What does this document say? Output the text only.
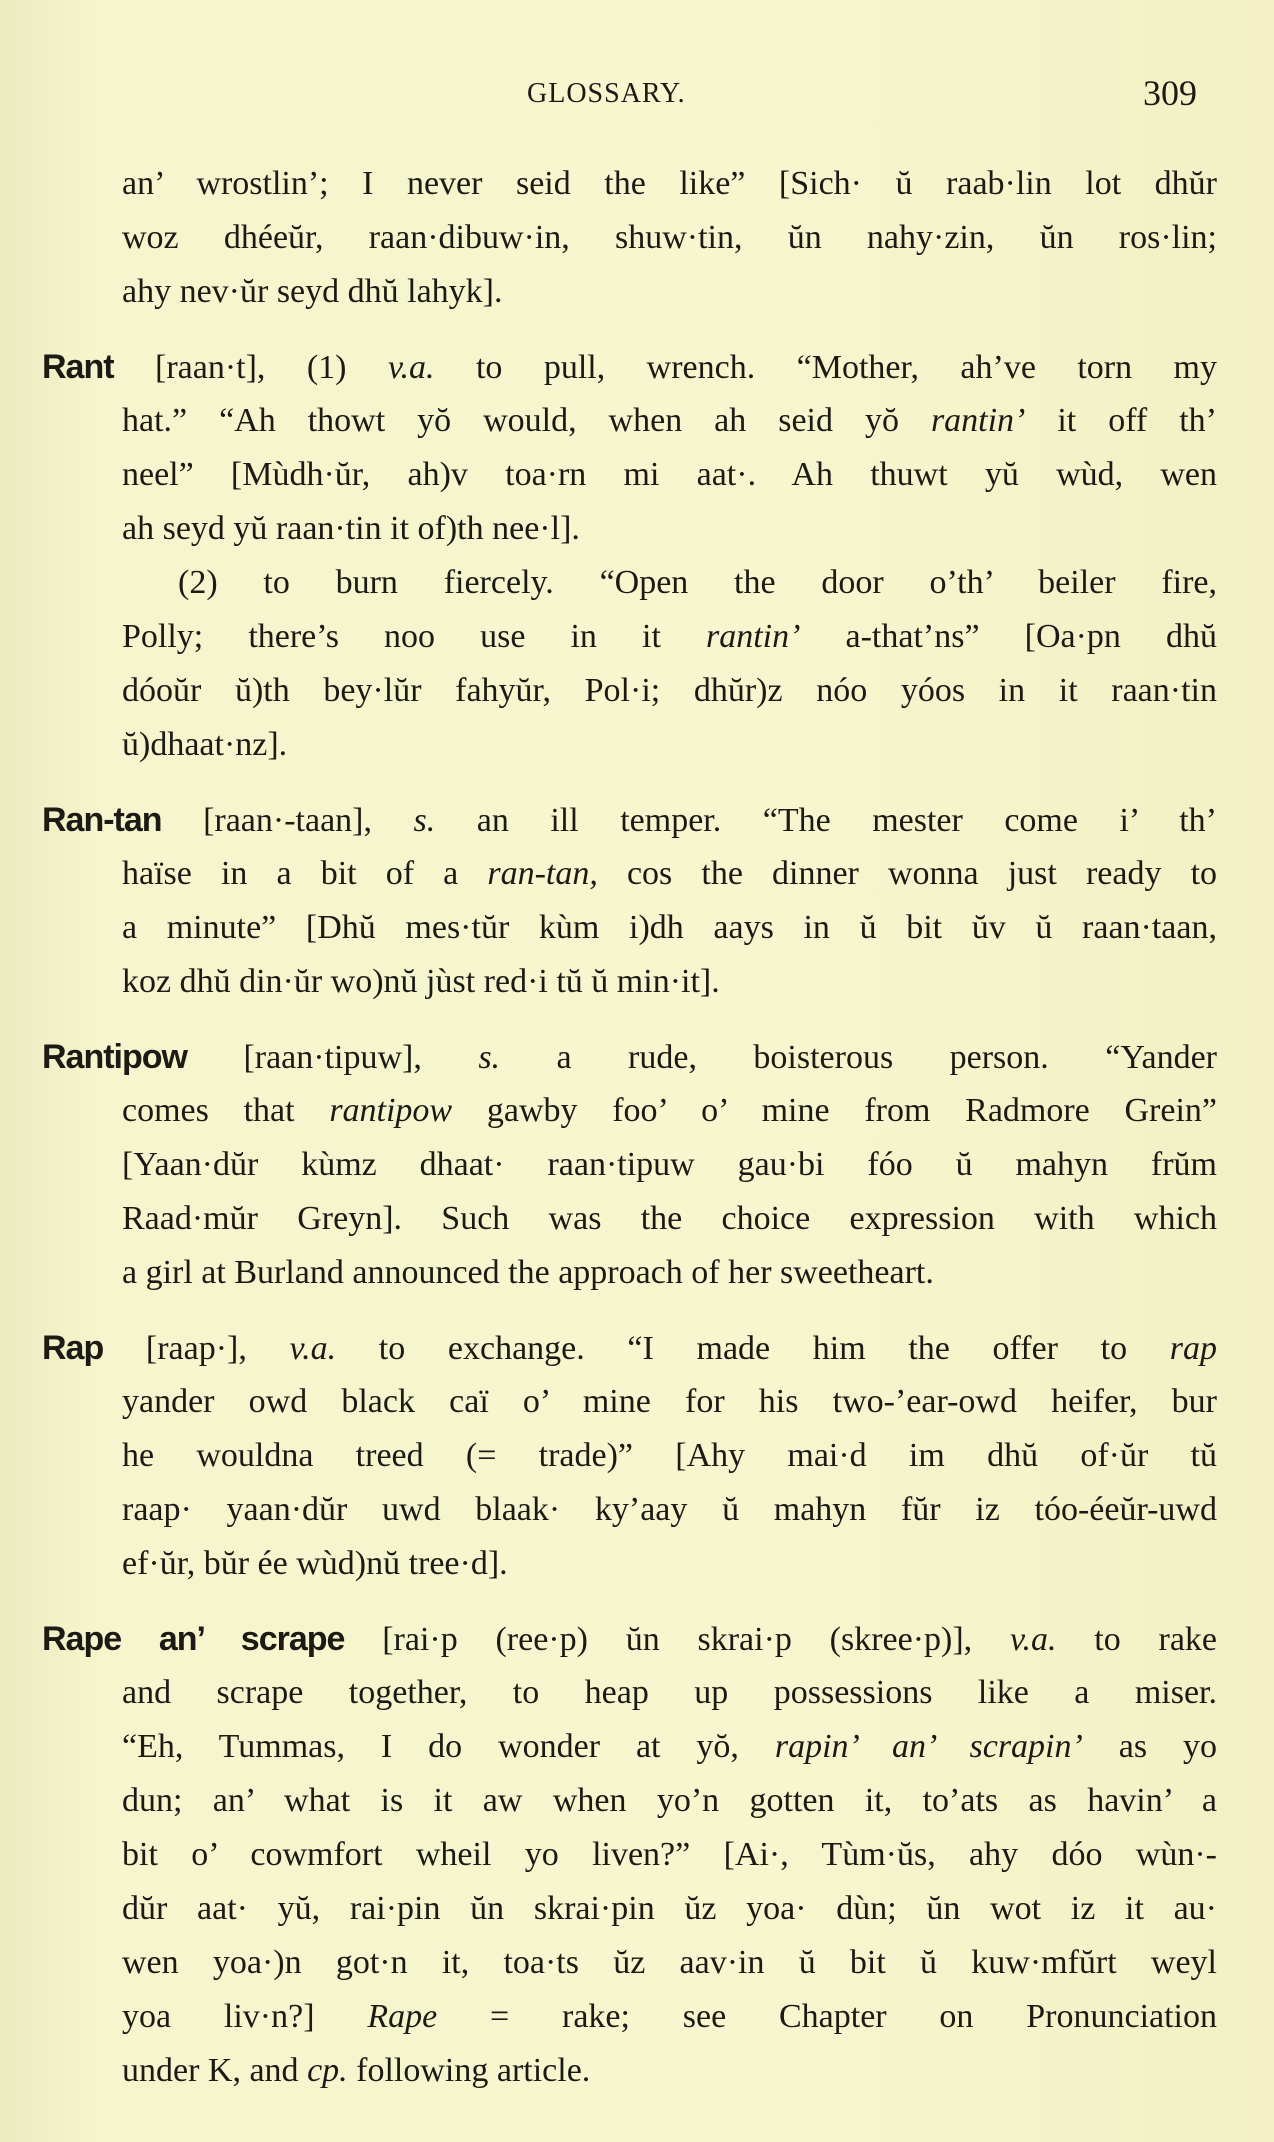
GLOSSARY.	309
an’ wrostlin’; I never seid the like” [Sich· ŭ raab·lin lot dhŭr
woz dhéeŭr, raan·dibuw·in, shuw·tin, ŭn nahy·zin, ŭn ros·lin;
ahy nev·ŭr seyd dhŭ lahyk].
Rant [raan·t], (1) v.a. to pull, wrench. “Mother, ah’ve torn my
hat.” “Ah thowt yŏ would, when ah seid yŏ rantin’ it off th’
neel” [Mùdh·ŭr, ah)v toa·rn mi aat·. Ah thuwt yŭ wùd, wen
ah seyd yŭ raan·tin it of)th nee·l].
(2) to burn fiercely. “Open the door o’th’ beiler fire,
Polly; there’s noo use in it rantin’ a-that’ns” [Oa·pn dhŭ
dóoŭr ŭ)th bey·lŭr fahyŭr, Pol·i; dhŭr)z nóo yóos in it raan·tin
ŭ)dhaat·nz].
Ran-tan [raan·-taan], s. an ill temper. “The mester come i’ th’
haïse in a bit of a ran-tan, cos the dinner wonna just ready to
a minute” [Dhŭ mes·tŭr kùm i)dh aays in ŭ bit ŭv ŭ raan·taan,
koz dhŭ din·ŭr wo)nŭ jùst red·i tŭ ŭ min·it].
Rantipow [raan·tipuw], s. a rude, boisterous person. “Yander
comes that rantipow gawby foo’ o’ mine from Radmore Grein”
[Yaan·dŭr kùmz dhaat· raan·tipuw gau·bi fóo ŭ mahyn frŭm
Raad·mŭr Greyn]. Such was the choice expression with which
a girl at Burland announced the approach of her sweetheart.
Rap [raap·], v.a. to exchange. “I made him the offer to rap
yander owd black caï o’ mine for his two-’ear-owd heifer, bur
he wouldna treed (= trade)” [Ahy mai·d im dhŭ of·ŭr tŭ
raap· yaan·dŭr uwd blaak· ky’aay ŭ mahyn fŭr iz tóo-éeŭr-uwd
ef·ŭr, bŭr ée wùd)nŭ tree·d].
Rape an’ scrape [rai·p (ree·p) ŭn skrai·p (skree·p)], v.a. to rake
and scrape together, to heap up possessions like a miser.
“Eh, Tummas, I do wonder at yŏ, rapin’ an’ scrapin’ as yo
dun; an’ what is it aw when yo’n gotten it, to’ats as havin’ a
bit o’ cowmfort wheil yo liven?” [Ai·, Tùm·ŭs, ahy dóo wùn·-
dŭr aat· yŭ, rai·pin ŭn skrai·pin ŭz yoa· dùn; ŭn wot iz it au·
wen yoa·)n got·n it, toa·ts ŭz aav·in ŭ bit ŭ kuw·mfŭrt weyl
yoa liv·n?] Rape = rake; see Chapter on Pronunciation
under K, and cp. following article.
